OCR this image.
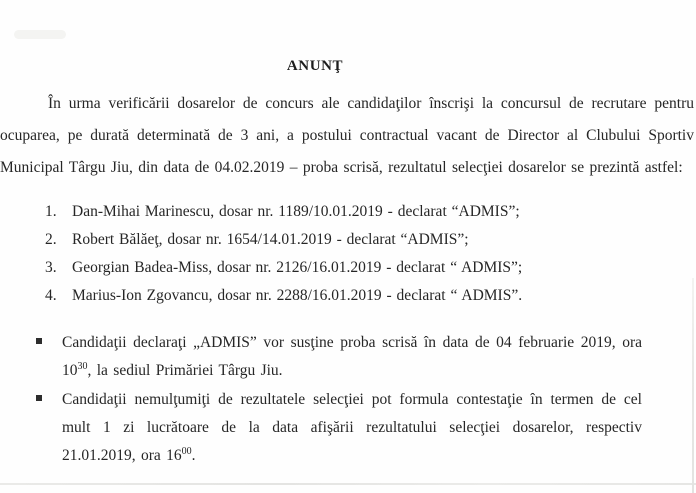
ANUNŢ

În urma verificării dosarelor de concurs ale candidaţilor înscrişi la concursul de recrutare pentru ocuparea, pe durată determinată de 3 ani, a postului contractual vacant de Director al Clubului Sportiv Municipal Târgu Jiu, din data de 04.02.2019 – proba scrisă, rezultatul selecţiei dosarelor se prezintă astfel:

1. Dan-Mihai Marinescu, dosar nr. 1189/10.01.2019 - declarat “ADMIS”;
2. Robert Bălăeţ, dosar nr. 1654/14.01.2019 - declarat “ADMIS”;
3. Georgian Badea-Miss, dosar nr. 2126/16.01.2019 - declarat “ ADMIS”;
4. Marius-Ion Zgovancu, dosar nr. 2288/16.01.2019 - declarat “ ADMIS”.
Candidaţii declaraţi „ADMIS” vor susţine proba scrisă în data de 04 februarie 2019, ora $10^{30}$, la sediul Primăriei Târgu Jiu.
Candidaţii nemulţumiţi de rezultatele selecţiei pot formula contestaţie în termen de cel mult 1 zi lucrătoare de la data afişării rezultatului selecţiei dosarelor, respectiv 21.01.2019, ora $16^{00}$.
